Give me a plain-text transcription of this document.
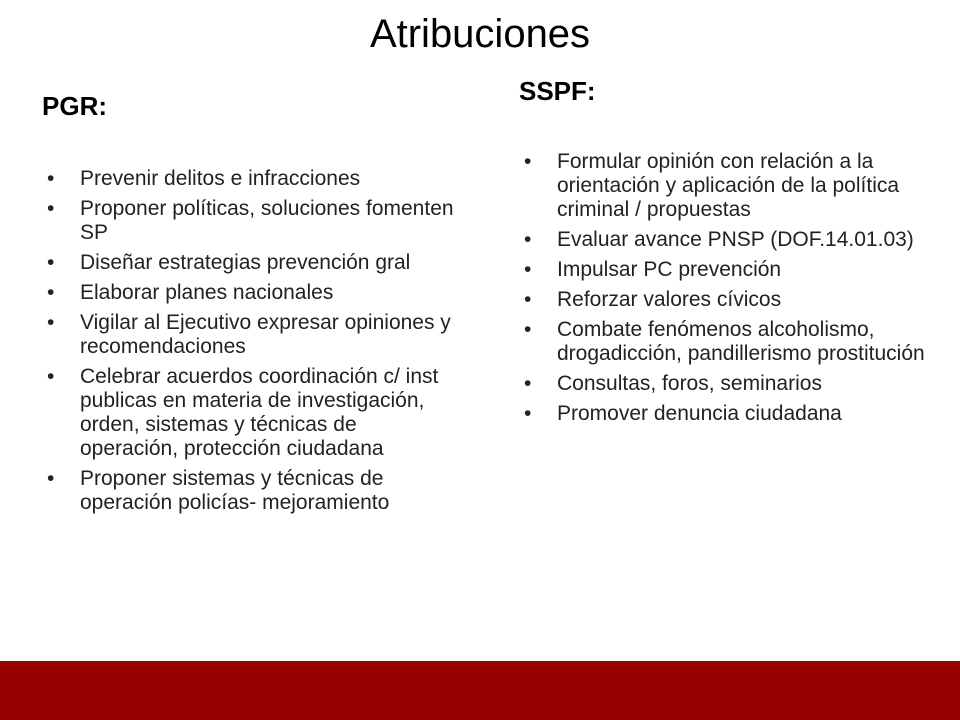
Atribuciones
PGR:
• Prevenir delitos e infracciones
• Proponer políticas, soluciones fomenten SP
• Diseñar estrategias prevención gral
• Elaborar planes nacionales
• Vigilar al Ejecutivo expresar opiniones y recomendaciones
• Celebrar acuerdos coordinación c/ inst publicas en materia de investigación, orden, sistemas y técnicas de operación, protección ciudadana
• Proponer sistemas y técnicas de operación policías- mejoramiento
SSPF:
• Formular opinión con relación a la orientación y aplicación de la política criminal / propuestas
• Evaluar avance PNSP (DOF.14.01.03)
• Impulsar PC prevención
• Reforzar valores cívicos
• Combate fenómenos alcoholismo, drogadicción, pandillerismo prostitución
• Consultas, foros, seminarios
• Promover denuncia ciudadana
